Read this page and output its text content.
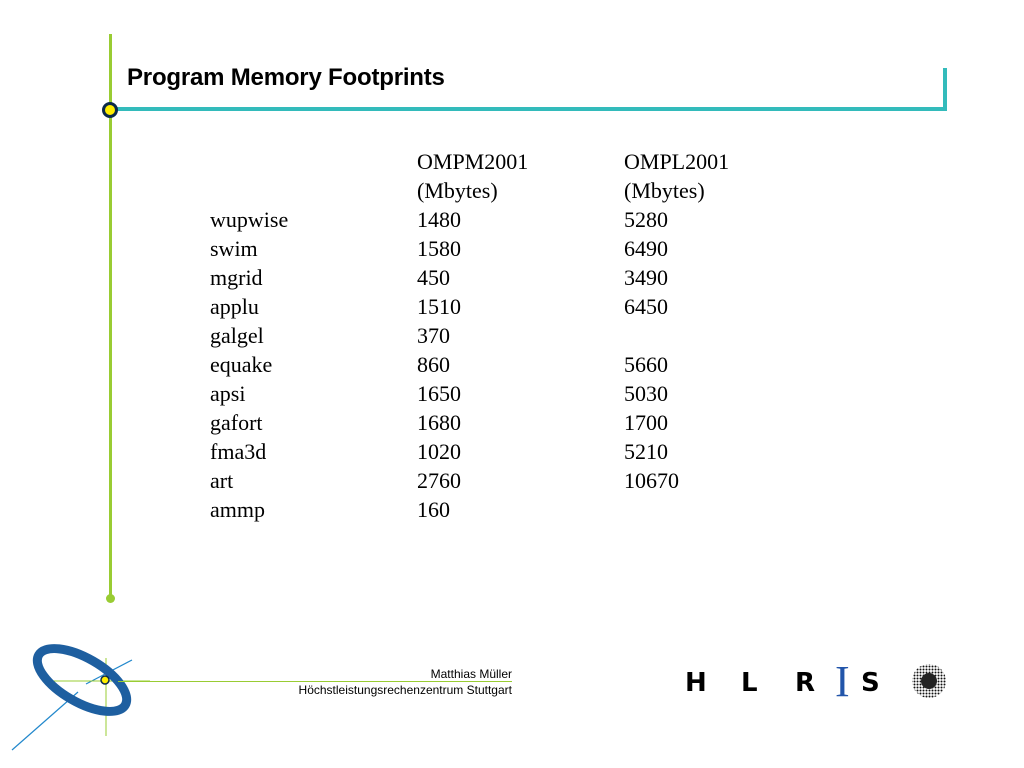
Program Memory Footprints
	OMPM2001	OMPL2001
	(Mbytes)	(Mbytes)
wupwise	1480	5280
swim	1580	6490
mgrid	450	3490
applu	1510	6450
galgel	370	
equake	860	5660
apsi	1650	5030
gafort	1680	1700
fma3d	1020	5210
art	2760	10670
ammp	160	
Matthias Müller
Höchstleistungsrechenzentrum Stuttgart	H L R I S
